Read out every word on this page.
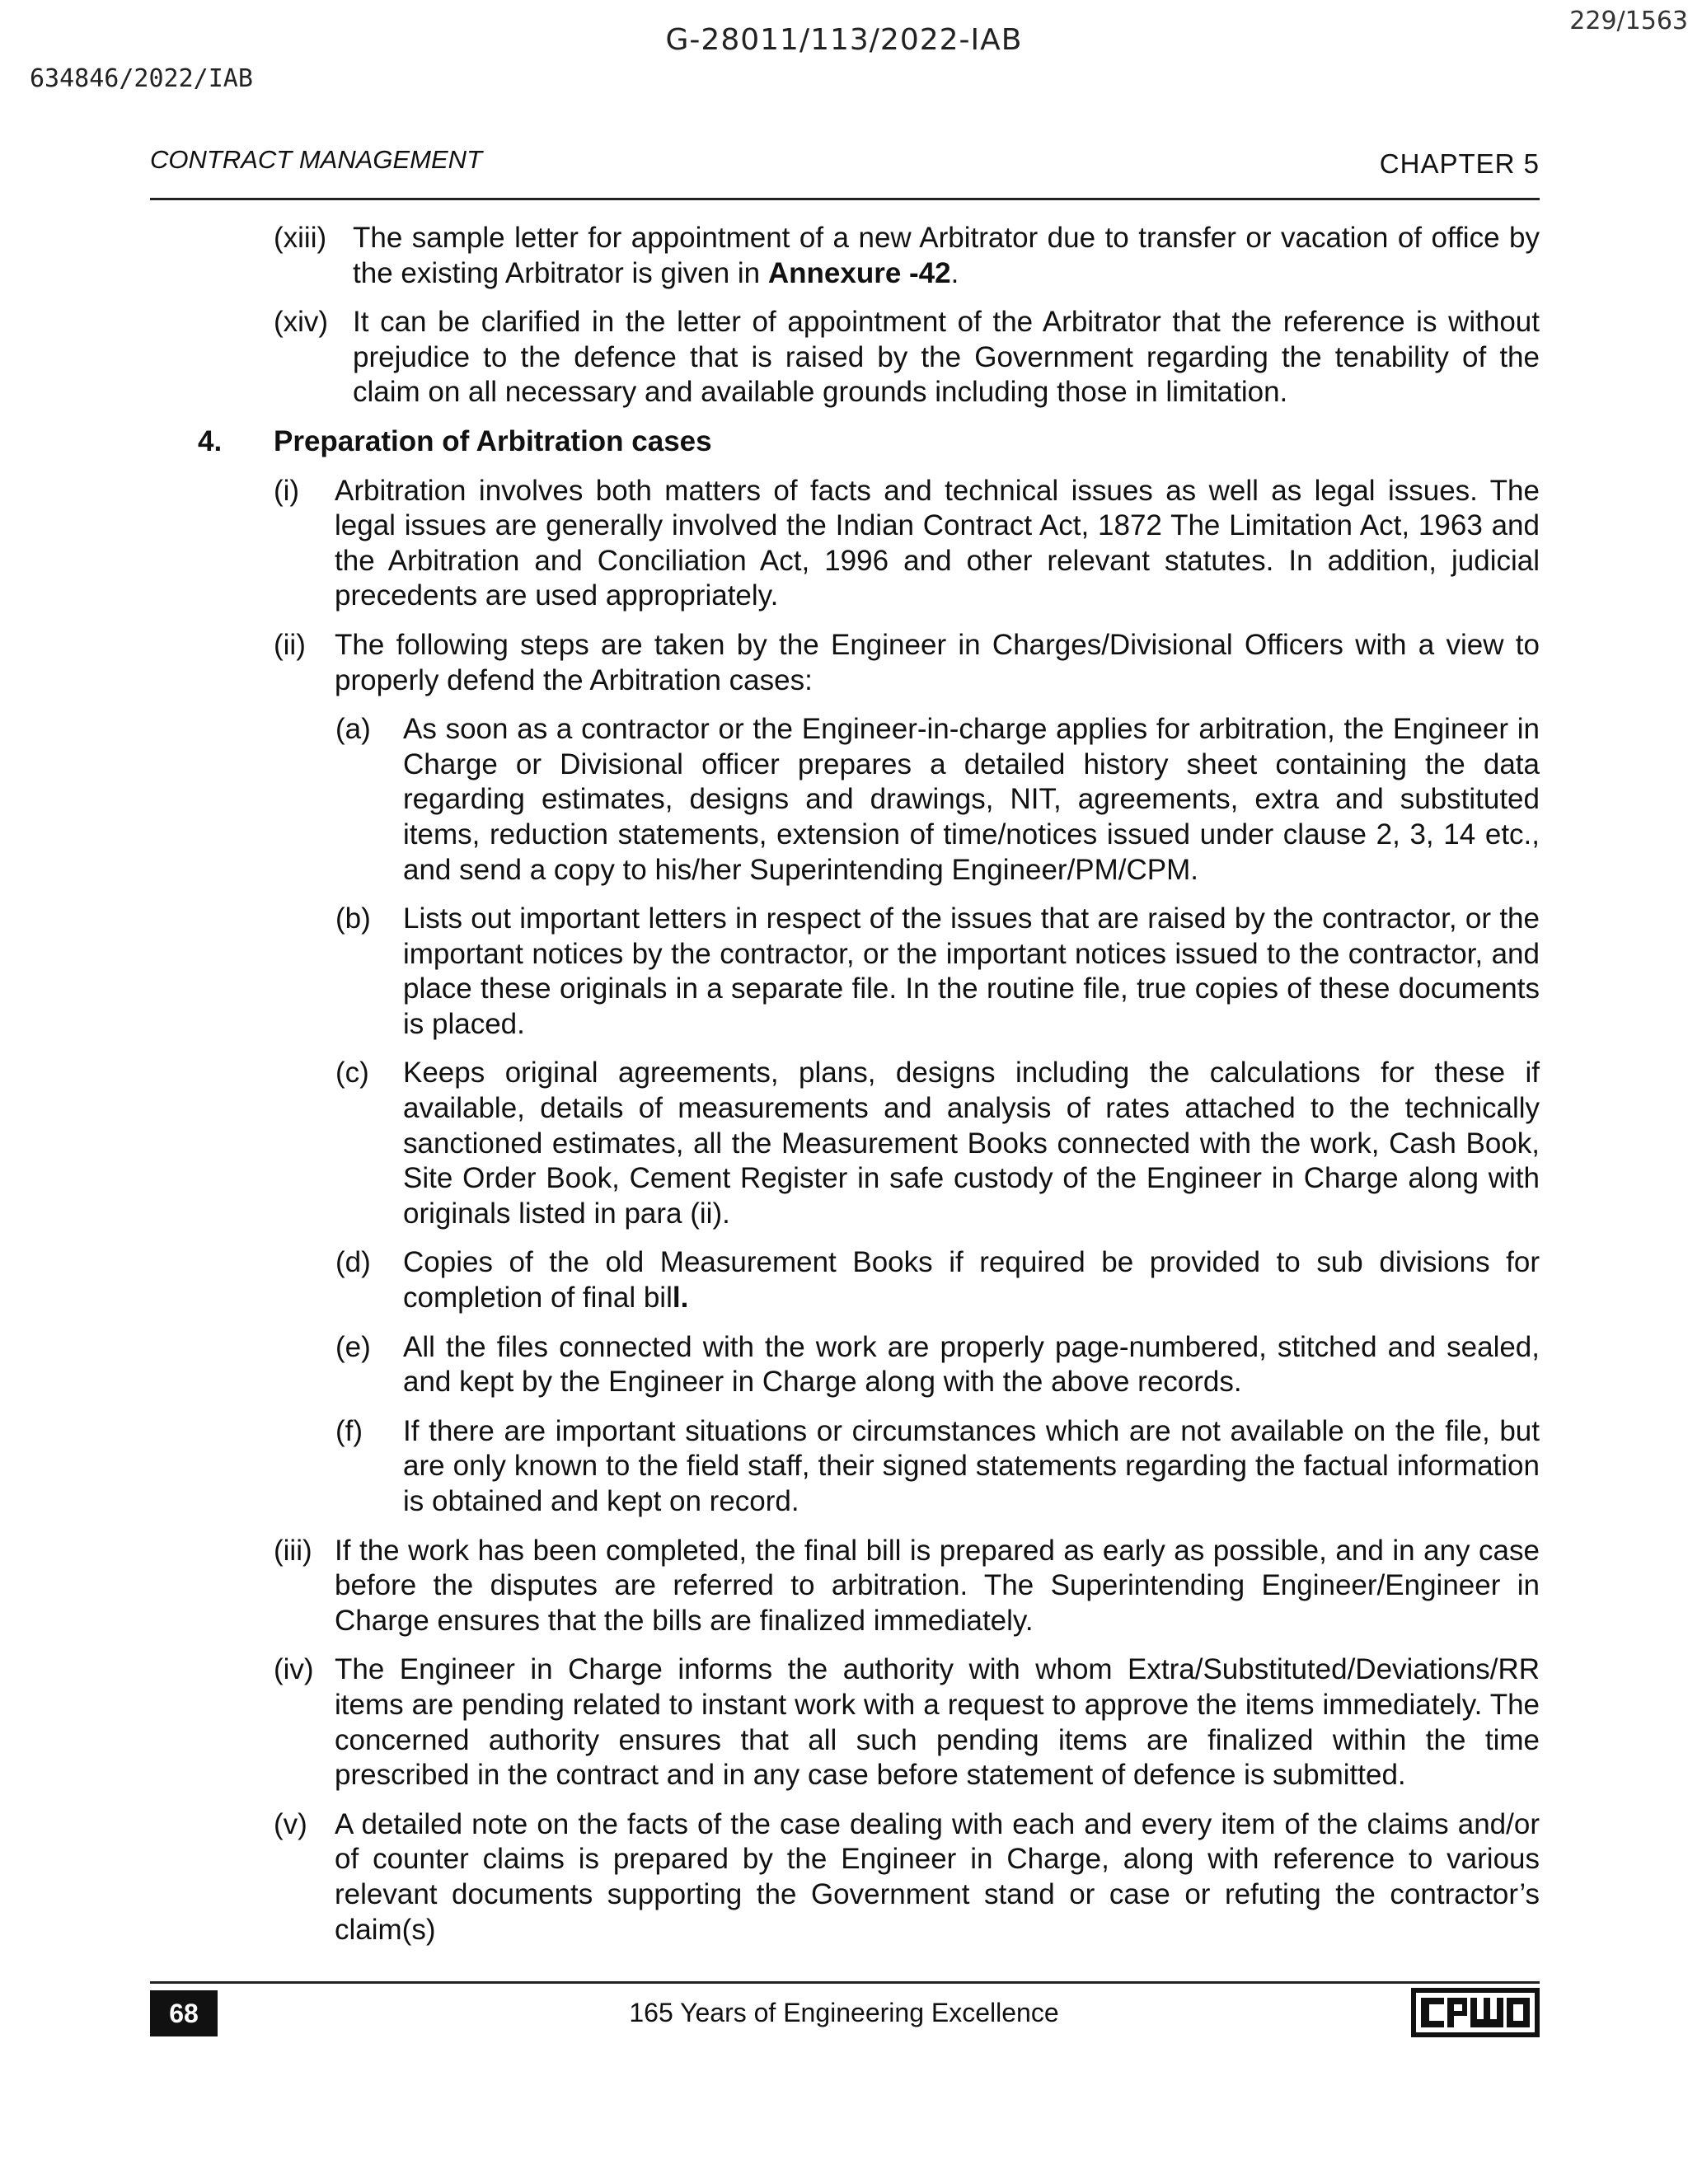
G-28011/113/2022-IAB
634846/2022/IAB
229/1563
CONTRACT MANAGEMENT	CHAPTER 5
(xiii) The sample letter for appointment of a new Arbitrator due to transfer or vacation of office by the existing Arbitrator is given in Annexure -42.
(xiv) It can be clarified in the letter of appointment of the Arbitrator that the reference is without prejudice to the defence that is raised by the Government regarding the tenability of the claim on all necessary and available grounds including those in limitation.
4. Preparation of Arbitration cases
(i) Arbitration involves both matters of facts and technical issues as well as legal issues. The legal issues are generally involved the Indian Contract Act, 1872 The Limitation Act, 1963 and the Arbitration and Conciliation Act, 1996 and other relevant statutes. In addition, judicial precedents are used appropriately.
(ii) The following steps are taken by the Engineer in Charges/Divisional Officers with a view to properly defend the Arbitration cases:
(a) As soon as a contractor or the Engineer-in-charge applies for arbitration, the Engineer in Charge or Divisional officer prepares a detailed history sheet containing the data regarding estimates, designs and drawings, NIT, agreements, extra and substituted items, reduction statements, extension of time/notices issued under clause 2, 3, 14 etc., and send a copy to his/her Superintending Engineer/PM/CPM.
(b) Lists out important letters in respect of the issues that are raised by the contractor, or the important notices by the contractor, or the important notices issued to the contractor, and place these originals in a separate file. In the routine file, true copies of these documents is placed.
(c) Keeps original agreements, plans, designs including the calculations for these if available, details of measurements and analysis of rates attached to the technically sanctioned estimates, all the Measurement Books connected with the work, Cash Book, Site Order Book, Cement Register in safe custody of the Engineer in Charge along with originals listed in para (ii).
(d) Copies of the old Measurement Books if required be provided to sub divisions for completion of final bill.
(e) All the files connected with the work are properly page-numbered, stitched and sealed, and kept by the Engineer in Charge along with the above records.
(f) If there are important situations or circumstances which are not available on the file, but are only known to the field staff, their signed statements regarding the factual information is obtained and kept on record.
(iii) If the work has been completed, the final bill is prepared as early as possible, and in any case before the disputes are referred to arbitration. The Superintending Engineer/Engineer in Charge ensures that the bills are finalized immediately.
(iv) The Engineer in Charge informs the authority with whom Extra/Substituted/Deviations/RR items are pending related to instant work with a request to approve the items immediately. The concerned authority ensures that all such pending items are finalized within the time prescribed in the contract and in any case before statement of defence is submitted.
(v) A detailed note on the facts of the case dealing with each and every item of the claims and/or of counter claims is prepared by the Engineer in Charge, along with reference to various relevant documents supporting the Government stand or case or refuting the contractor’s claim(s)
68	165 Years of Engineering Excellence
